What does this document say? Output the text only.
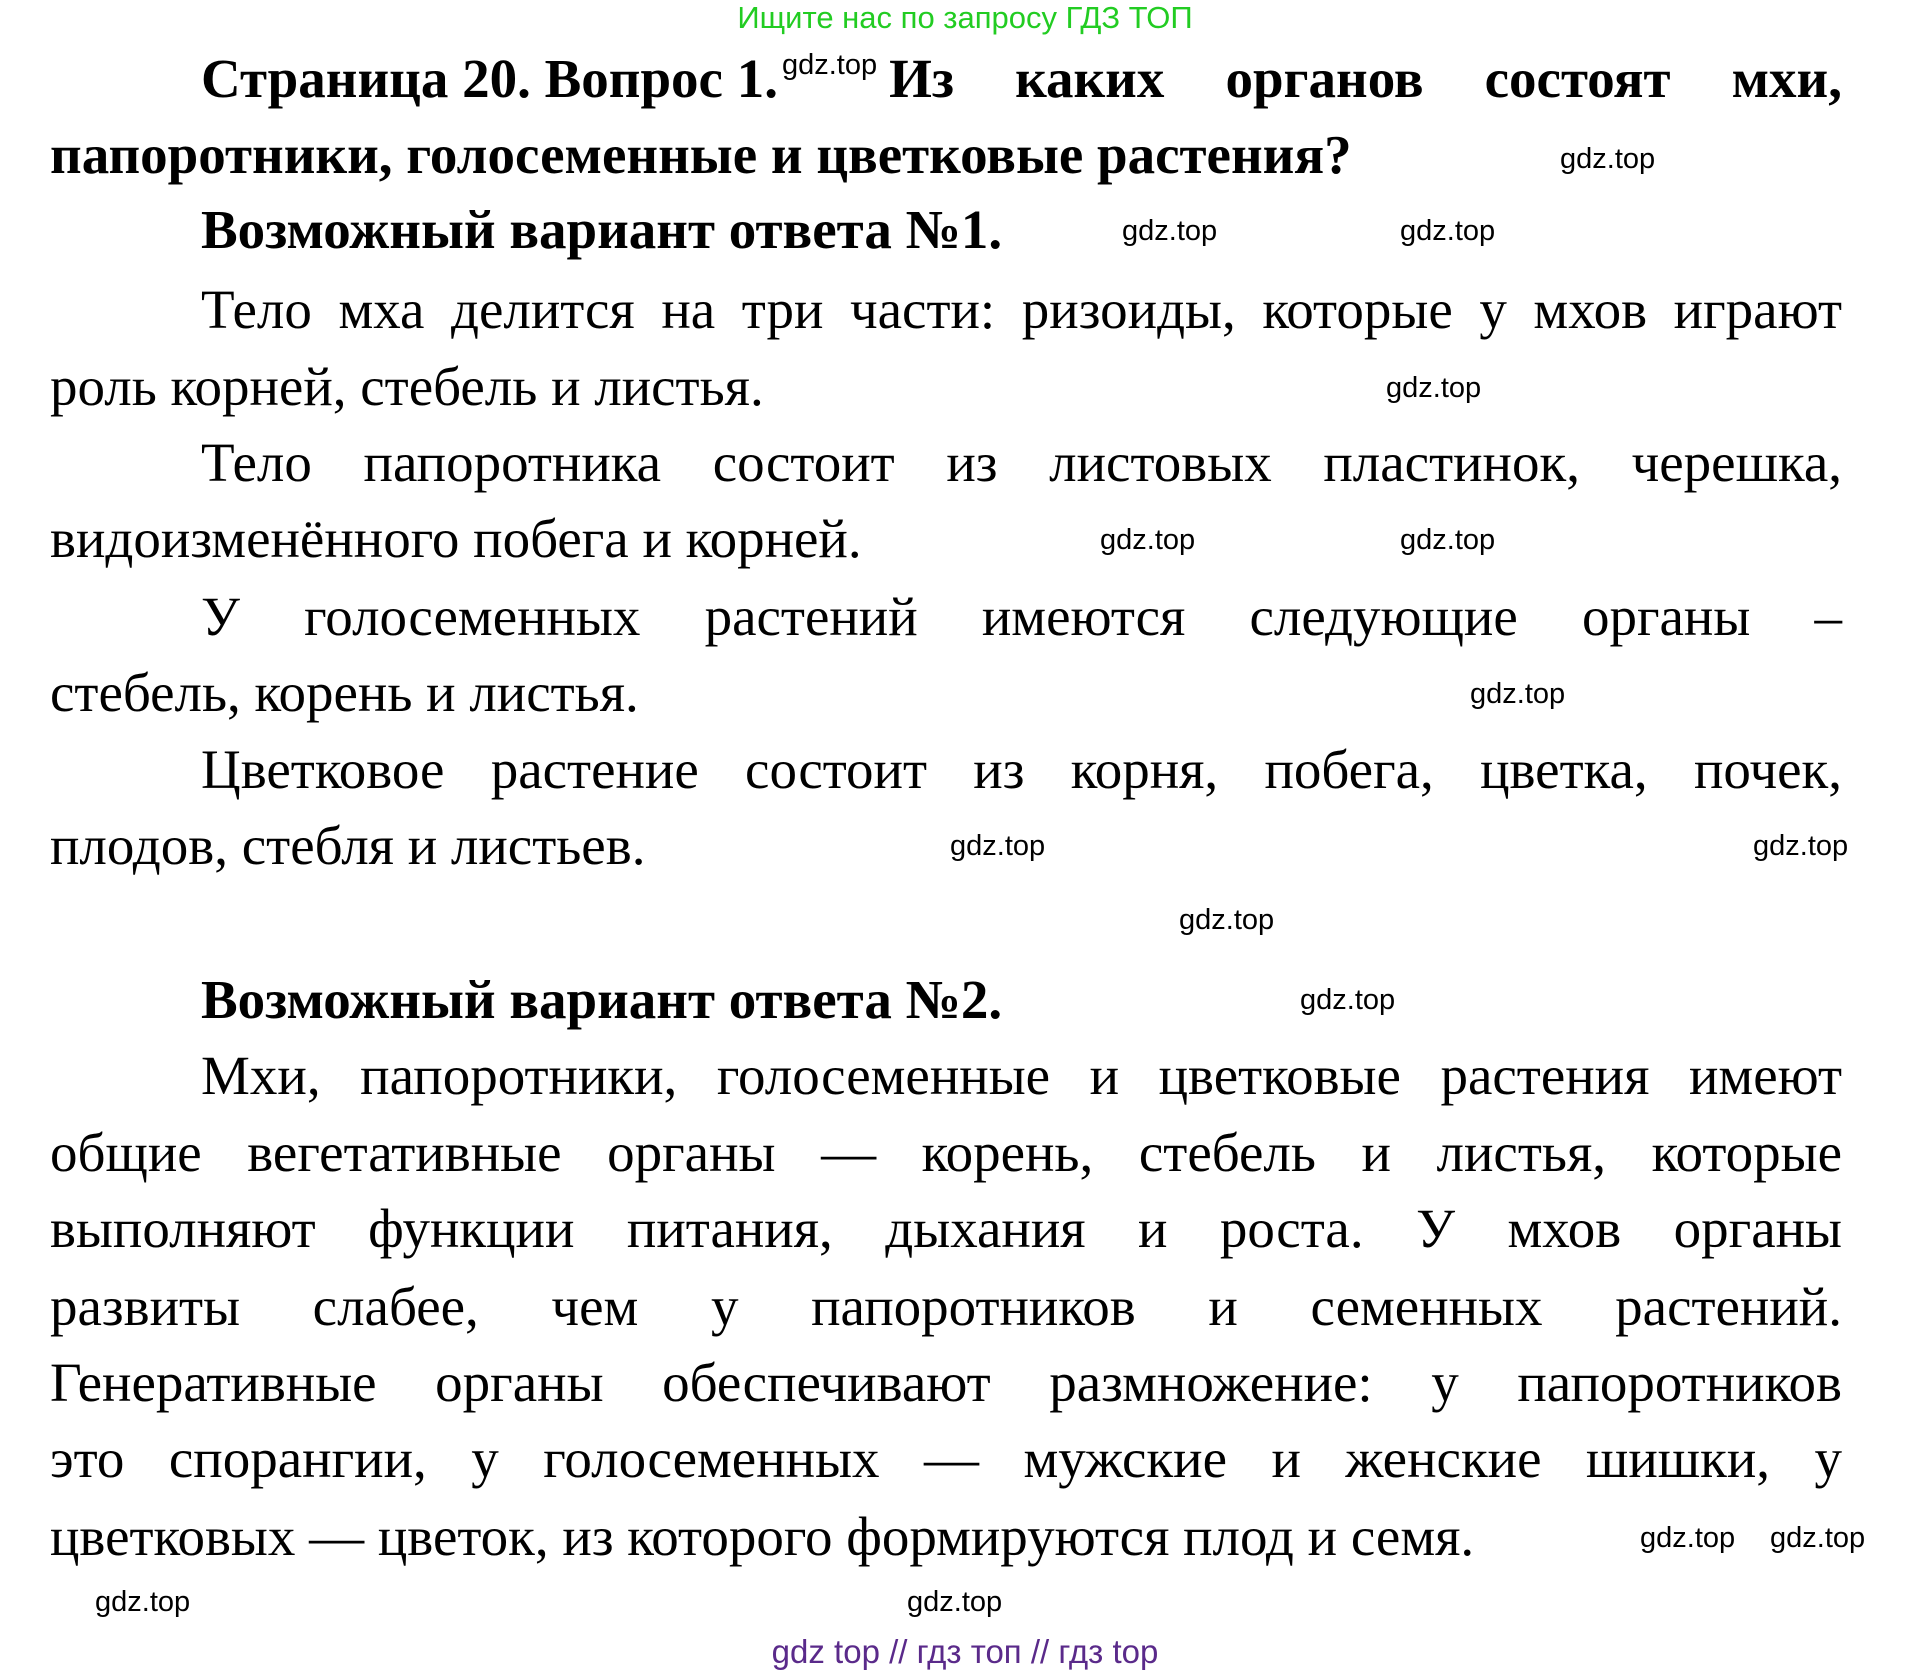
Ищите нас по запросу ГДЗ ТОП
Страница 20. Вопрос 1. gdz.top Из каких органов состоят мхи,
папоротники, голосеменные и цветковые растения?
Возможный вариант ответа №1.
Тело мха делится на три части: ризоиды, которые у мхов играют
роль корней, стебель и листья.
Тело папоротника состоит из листовых пластинок, черешка,
видоизменённого побега и корней.
У голосеменных растений имеются следующие органы –
стебель, корень и листья.
Цветковое растение состоит из корня, побега, цветка, почек,
плодов, стебля и листьев.
Возможный вариант ответа №2.
Мхи, папоротники, голосеменные и цветковые растения имеют
общие вегетативные органы — корень, стебель и листья, которые
выполняют функции питания, дыхания и роста. У мхов органы
развиты слабее, чем у папоротников и семенных растений.
Генеративные органы обеспечивают размножение: у папоротников
это спорангии, у голосеменных — мужские и женские шишки, у
цветковых — цветок, из которого формируются плод и семя.
gdz.top
gdz.top	gdz.top
gdz.top
gdz.top	gdz.top
gdz.top
gdz.top
gdz.top
gdz.top
gdz.top
gdz.top gdz.top
gdz.top
gdz.top
gdz top // гдз топ // гдз top
